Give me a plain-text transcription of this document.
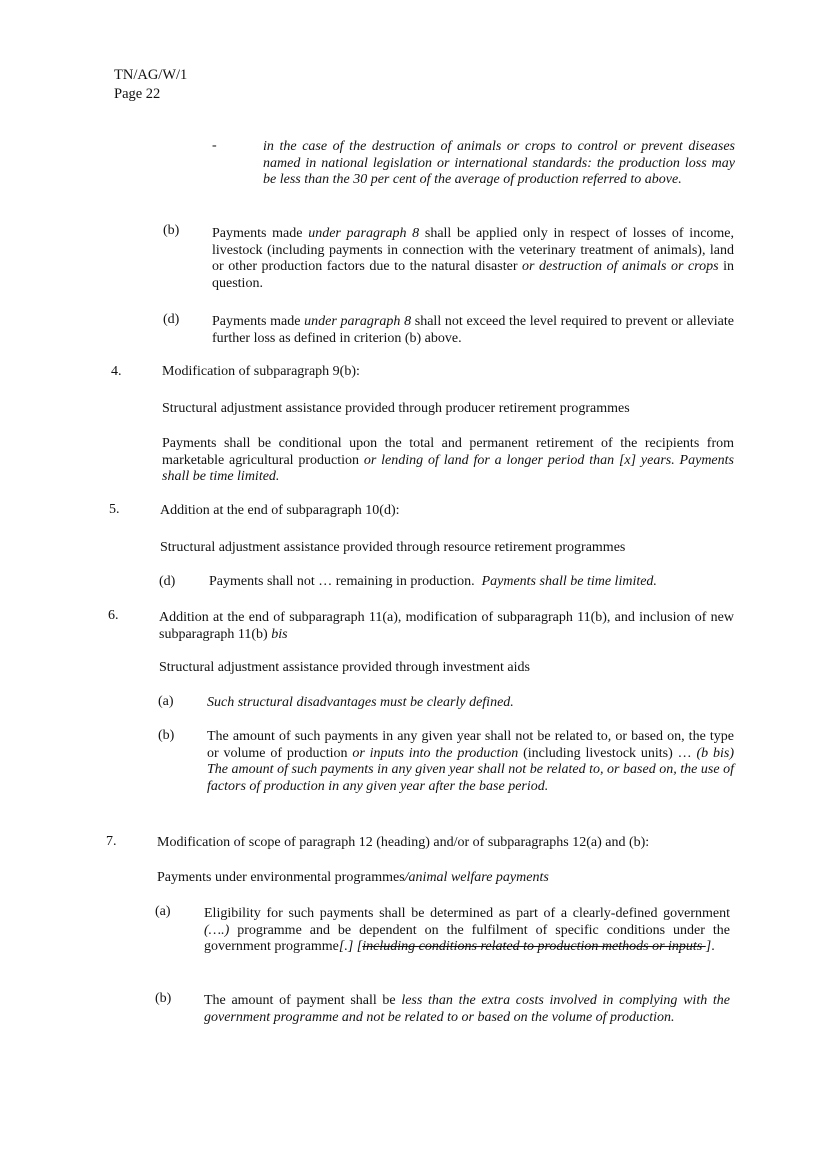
TN/AG/W/1
Page 22
-	in the case of the destruction of animals or crops to control or prevent diseases named in national legislation or international standards: the production loss may be less than the 30 per cent of the average of production referred to above.
(b) Payments made under paragraph 8 shall be applied only in respect of losses of income, livestock (including payments in connection with the veterinary treatment of animals), land or other production factors due to the natural disaster or destruction of animals or crops in question.
(d) Payments made under paragraph 8 shall not exceed the level required to prevent or alleviate further loss as defined in criterion (b) above.
4.	Modification of subparagraph 9(b):
Structural adjustment assistance provided through producer retirement programmes
Payments shall be conditional upon the total and permanent retirement of the recipients from marketable agricultural production or lending of land for a longer period than [x] years. Payments shall be time limited.
5.	Addition at the end of subparagraph 10(d):
Structural adjustment assistance provided through resource retirement programmes
(d) Payments shall not … remaining in production.  Payments shall be time limited.
6.	Addition at the end of subparagraph 11(a), modification of subparagraph 11(b), and inclusion of new subparagraph 11(b) bis
Structural adjustment assistance provided through investment aids
(a) Such structural disadvantages must be clearly defined.
(b) The amount of such payments in any given year shall not be related to, or based on, the type or volume of production or inputs into the production (including livestock units) … (b bis) The amount of such payments in any given year shall not be related to, or based on, the use of factors of production in any given year after the base period.
7.	Modification of scope of paragraph 12 (heading) and/or of subparagraphs 12(a) and (b):
Payments under environmental programmes/animal welfare payments
(a) Eligibility for such payments shall be determined as part of a clearly-defined government (….) programme and be dependent on the fulfilment of specific conditions under the government programme[.] [including conditions related to production methods or inputs ].
(b) The amount of payment shall be less than the extra costs involved in complying with the government programme and not be related to or based on the volume of production.
